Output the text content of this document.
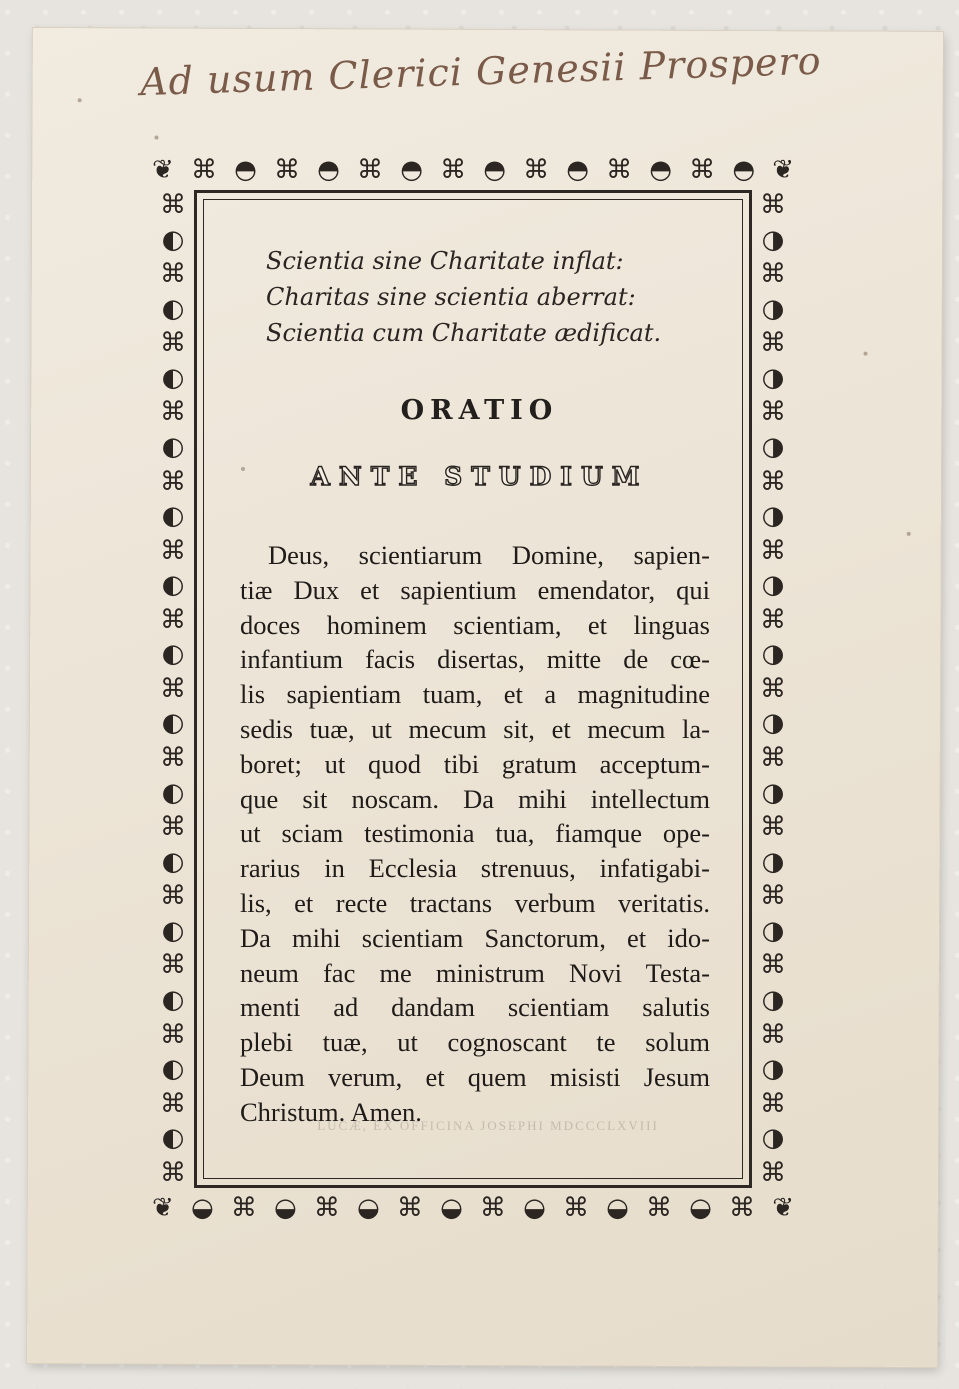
Ad usum Clerici Genesii Prospero
❦ ⌘ ◓ ⌘ ◓ ⌘ ◓ ⌘ ◓ ⌘ ◓ ⌘ ◓ ⌘ ◓ ❦
❦ ◒ ⌘ ◒ ⌘ ◒ ⌘ ◒ ⌘ ◒ ⌘ ◒ ⌘ ◒ ⌘ ❦
⌘
◐
⌘
◐
⌘
◐
⌘
◐
⌘
◐
⌘
◐
⌘
◐
⌘
◐
⌘
◐
⌘
◐
⌘
◐
⌘
◐
⌘
◐
⌘
◐
⌘
⌘
◑
⌘
◑
⌘
◑
⌘
◑
⌘
◑
⌘
◑
⌘
◑
⌘
◑
⌘
◑
⌘
◑
⌘
◑
⌘
◑
⌘
◑
⌘
◑
⌘
LUCÆ, EX OFFICINA JOSEPHI MDCCCLXVIII
Scientia sine Charitate inflat:
Charitas sine scientia aberrat:
Scientia cum Charitate ædificat.
ORATIO
ANTE STUDIUM
Deus, scientiarum Domine, sapien-
tiæ Dux et sapientium emendator, qui
doces hominem scientiam, et linguas
infantium facis disertas, mitte de cœ-
lis sapientiam tuam, et a magnitudine
sedis tuæ, ut mecum sit, et mecum la-
boret; ut quod tibi gratum acceptum-
que sit noscam. Da mihi intellectum
ut sciam testimonia tua, fiamque ope-
rarius in Ecclesia strenuus, infatigabi-
lis, et recte tractans verbum veritatis.
Da mihi scientiam Sanctorum, et ido-
neum fac me ministrum Novi Testa-
menti ad dandam scientiam salutis
plebi tuæ, ut cognoscant te solum
Deum verum, et quem misisti Jesum
Christum. Amen.
